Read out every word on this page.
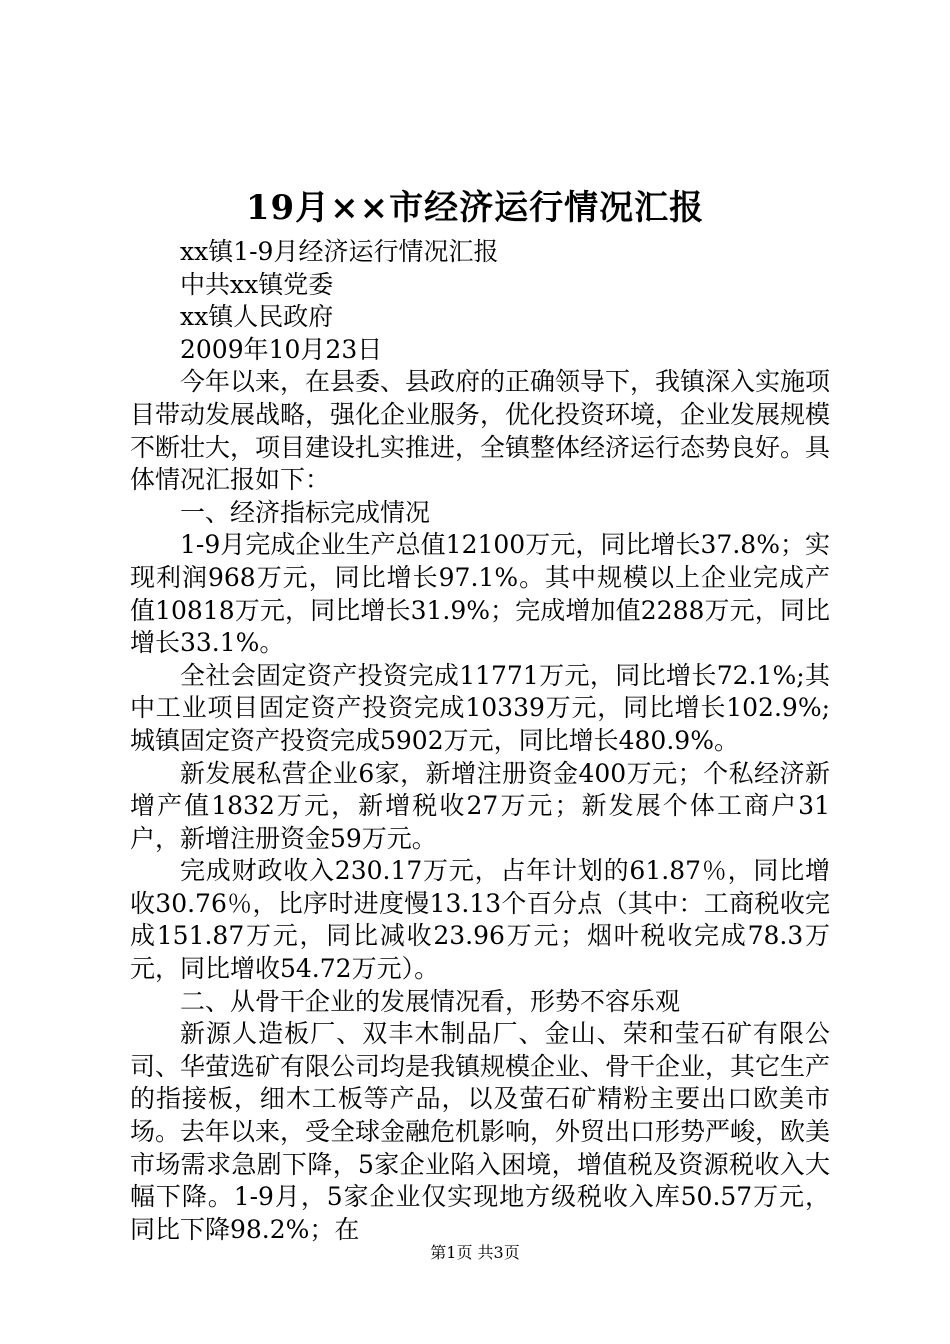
19月××市经济运行情况汇报

xx镇1-9月经济运行情况汇报

中共xx镇党委

xx镇人民政府

2009年10月23日

今年以来，在县委、县政府的正确领导下，我镇深入实施项目带动发展战略，强化企业服务，优化投资环境，企业发展规模不断壮大，项目建设扎实推进，全镇整体经济运行态势良好。具体情况汇报如下：

一、经济指标完成情况

1-9月完成企业生产总值12100万元，同比增长37.8%；实现利润968万元，同比增长97.1%。其中规模以上企业完成产值10818万元，同比增长31.9%；完成增加值2288万元，同比增长33.1%。

全社会固定资产投资完成11771万元，同比增长72.1%;其中工业项目固定资产投资完成10339万元，同比增长102.9%;城镇固定资产投资完成5902万元，同比增长480.9%。

新发展私营企业6家，新增注册资金400万元；个私经济新增产值1832万元，新增税收27万元；新发展个体工商户31户，新增注册资金59万元。

完成财政收入230.17万元，占年计划的61.87％，同比增收30.76％，比序时进度慢13.13个百分点（其中：工商税收完成151.87万元，同比减收23.96万元；烟叶税收完成78.3万元，同比增收54.72万元）。

二、从骨干企业的发展情况看，形势不容乐观

新源人造板厂、双丰木制品厂、金山、荣和莹石矿有限公司、华萤选矿有限公司均是我镇规模企业、骨干企业，其它生产的指接板，细木工板等产品，以及萤石矿精粉主要出口欧美市场。去年以来，受全球金融危机影响，外贸出口形势严峻，欧美市场需求急剧下降，5家企业陷入困境，增值税及资源税收入大幅下降。1-9月，5家企业仅实现地方级税收入库50.57万元，同比下降98.2%；在

第1页 共3页
